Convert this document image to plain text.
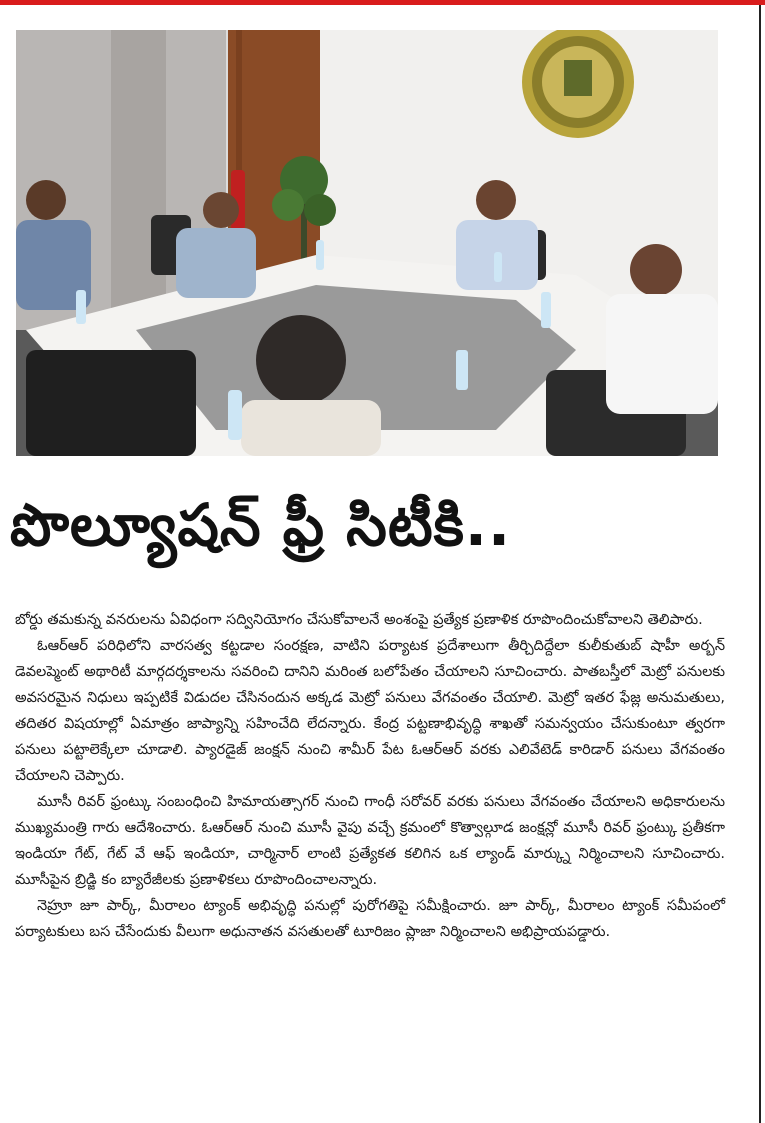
పొల్యూషన్ ఫ్రీ సిటీకి..

బోర్డు తమకున్న వనరులను ఏవిధంగా సద్వినియోగం చేసుకోవాలనే అంశంపై ప్రత్యేక ప్రణాళిక రూపొందించుకోవాలని తెలిపారు.

ఓఆర్ఆర్ పరిధిలోని వారసత్వ కట్టడాల సంరక్షణ, వాటిని పర్యాటక ప్రదేశాలుగా తీర్చిదిద్దేలా కులీకుతుబ్ షాహీ అర్బన్ డెవలప్మెంట్ అథారిటీ మార్గదర్శకాలను సవరించి దానిని మరింత బలోపేతం చేయాలని సూచించారు. పాతబస్తీలో మెట్రో పనులకు అవసరమైన నిధులు ఇప్పటికే విడుదల చేసినందున అక్కడ మెట్రో పనులు వేగవంతం చేయాలి. మెట్రో ఇతర ఫేజ్ల అనుమతులు, తదితర విషయాల్లో ఏమాత్రం జాప్యాన్ని సహించేది లేదన్నారు. కేంద్ర పట్టణాభివృద్ధి శాఖతో సమన్వయం చేసుకుంటూ త్వరగా పనులు పట్టాలెక్కేలా చూడాలి. ప్యారడైజ్ జంక్షన్ నుంచి శామీర్ పేట ఓఆర్ఆర్ వరకు ఎలివేటెడ్ కారిడార్ పనులు వేగవంతం చేయాలని చెప్పారు.

మూసీ రివర్ ఫ్రంట్కు సంబంధించి హిమాయత్సాగర్ నుంచి గాంధీ సరోవర్ వరకు పనులు వేగవంతం చేయాలని అధికారులను ముఖ్యమంత్రి గారు ఆదేశించారు. ఓఆర్ఆర్ నుంచి మూసీ వైపు వచ్చే క్రమంలో కొత్వాల్గూడ జంక్షన్లో మూసీ రివర్ ఫ్రంట్కు ప్రతీకగా ఇండియా గేట్, గేట్ వే ఆఫ్ ఇండియా, చార్మినార్ లాంటి ప్రత్యేకత కలిగిన ఒక ల్యాండ్ మార్క్ను నిర్మించాలని సూచించారు. మూసీపైన బ్రిడ్జి కం బ్యారేజీలకు ప్రణాళికలు రూపొందించాలన్నారు.

నెహ్రూ జూ పార్క్, మీరాలం ట్యాంక్ అభివృద్ధి పనుల్లో పురోగతిపై సమీక్షించారు. జూ పార్క్, మీరాలం ట్యాంక్ సమీపంలో పర్యాటకులు బస చేసేందుకు వీలుగా అధునాతన వసతులతో టూరిజం ప్లాజా నిర్మించాలని అభిప్రాయపడ్డారు.
